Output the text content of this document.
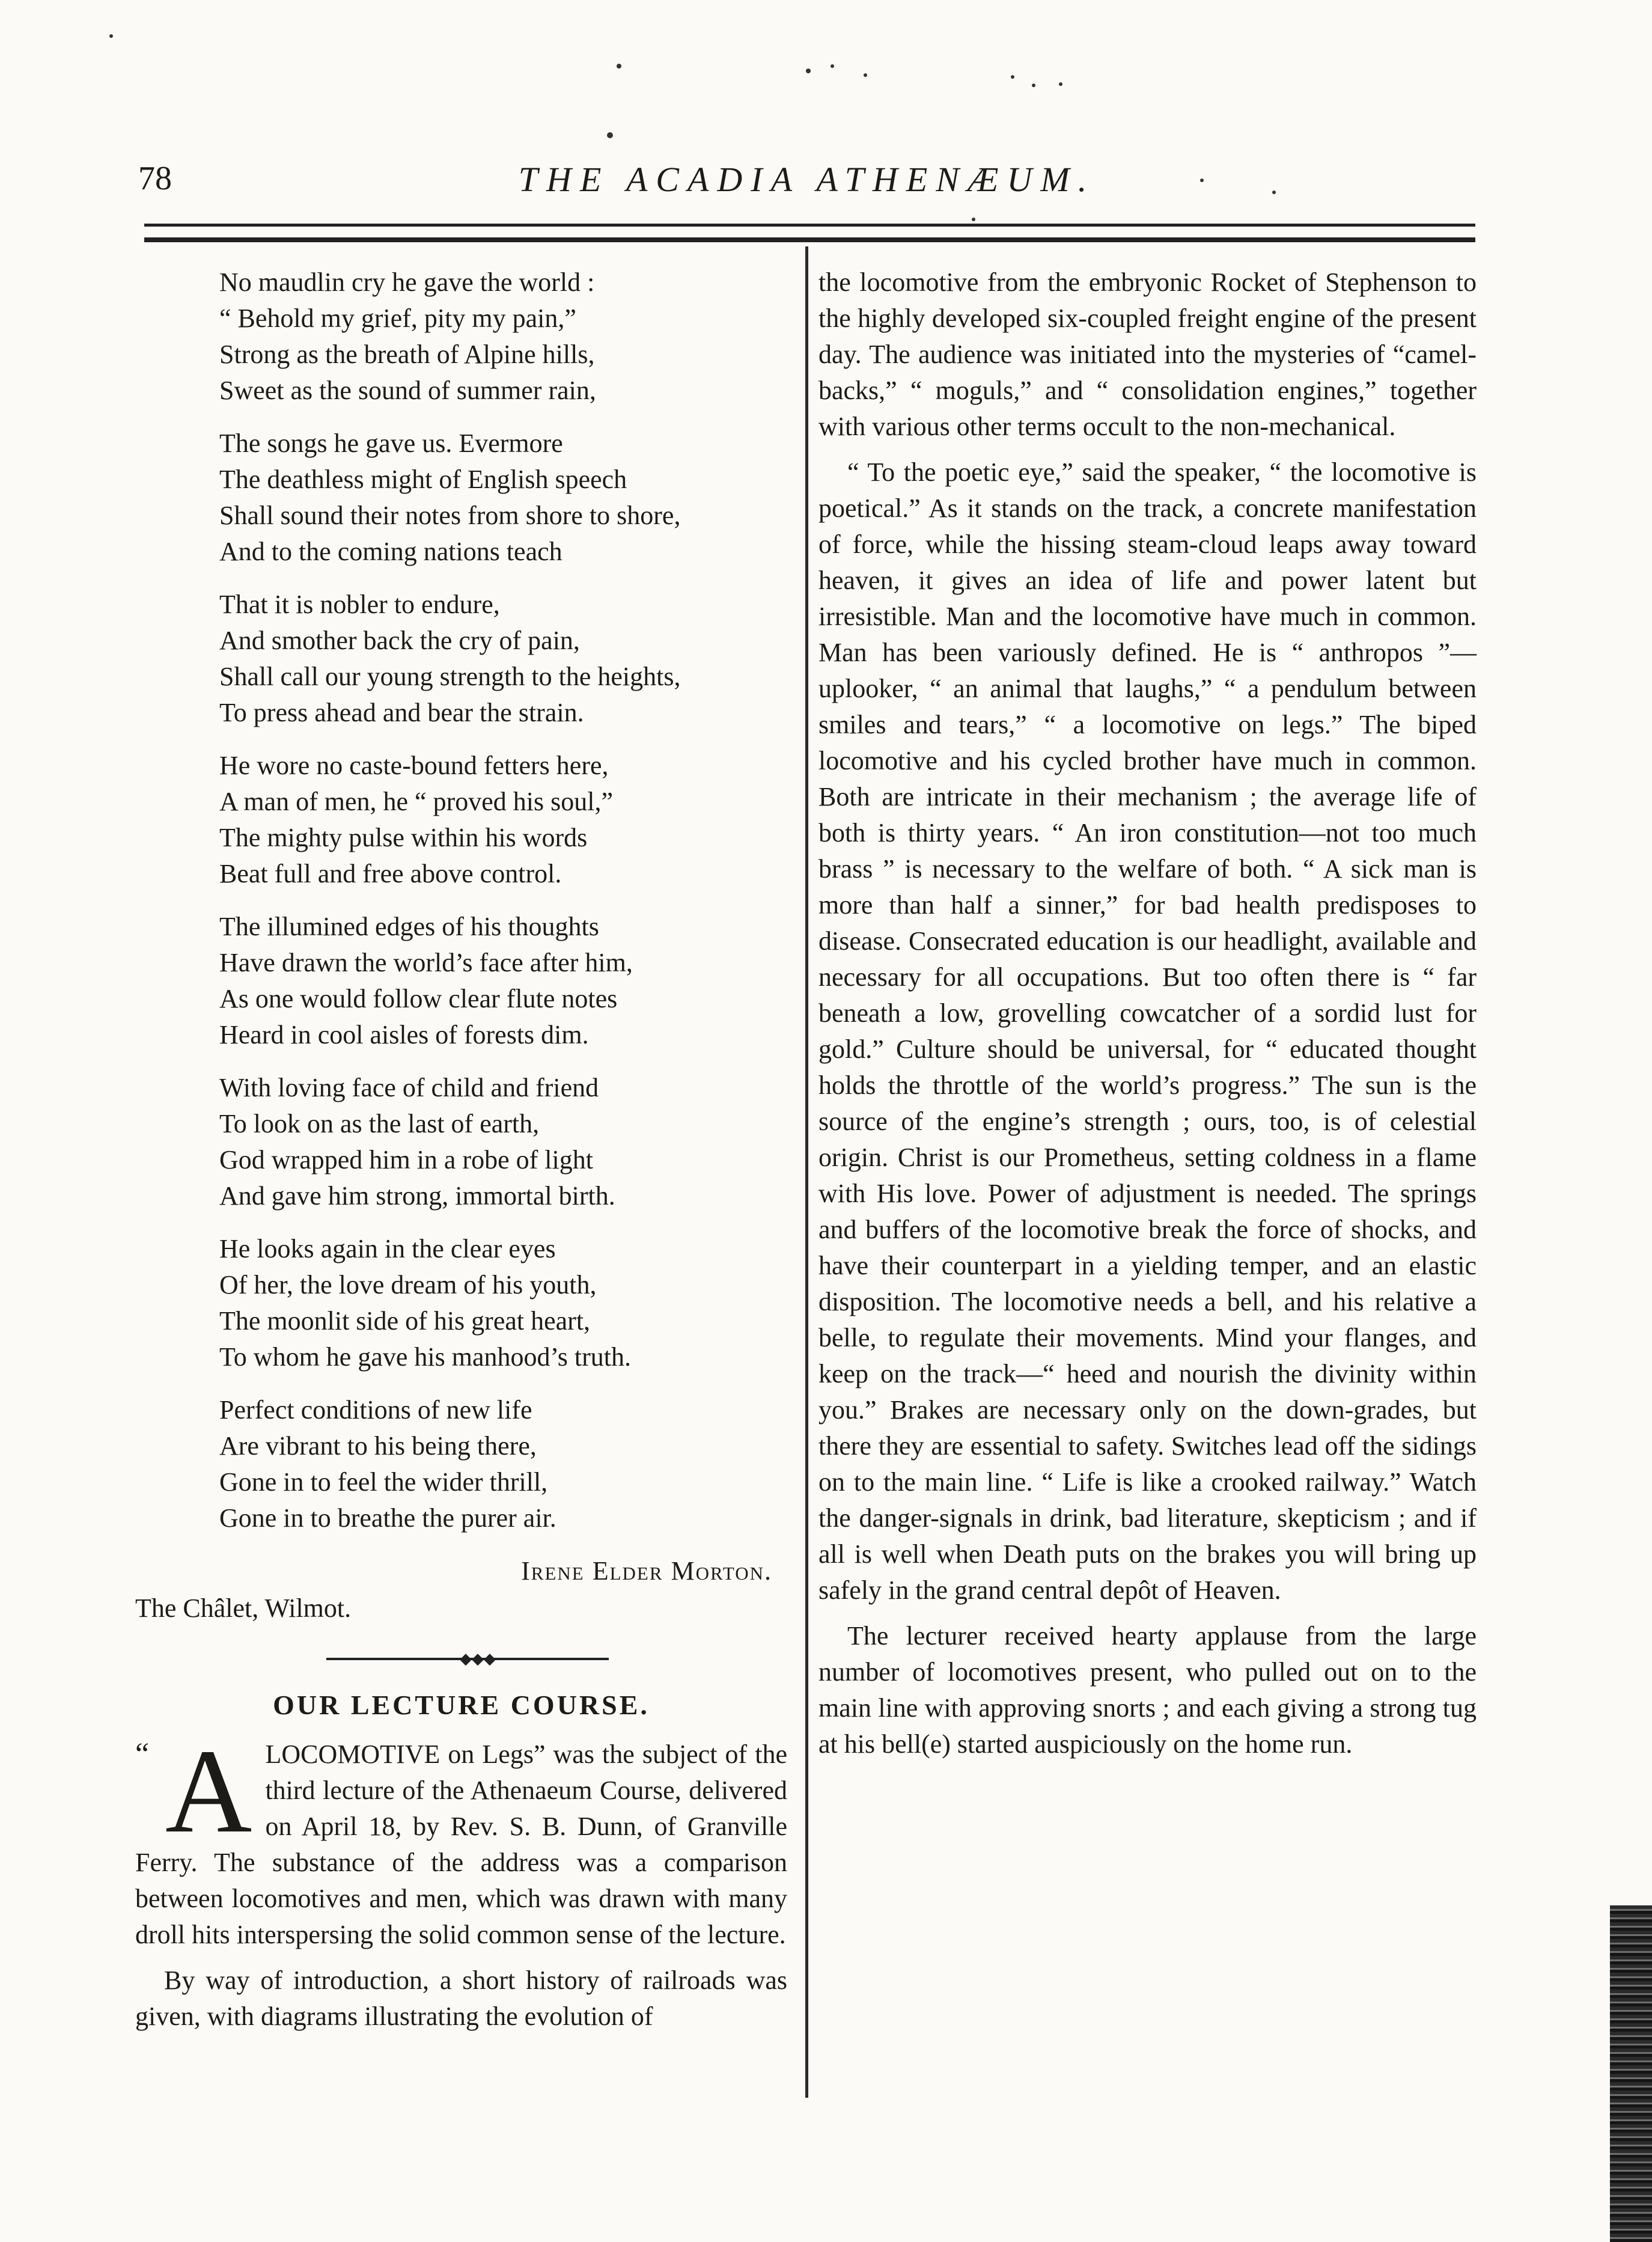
78	THE ACADIA ATHENÆUM.
No maudlin cry he gave the world :
“ Behold my grief, pity my pain,”
Strong as the breath of Alpine hills,
Sweet as the sound of summer rain,
The songs he gave us. Evermore
The deathless might of English speech
Shall sound their notes from shore to shore,
And to the coming nations teach
That it is nobler to endure,
And smother back the cry of pain,
Shall call our young strength to the heights,
To press ahead and bear the strain.
He wore no caste-bound fetters here,
A man of men, he “ proved his soul,”
The mighty pulse within his words
Beat full and free above control.
The illumined edges of his thoughts
Have drawn the world’s face after him,
As one would follow clear flute notes
Heard in cool aisles of forests dim.
With loving face of child and friend
To look on as the last of earth,
God wrapped him in a robe of light
And gave him strong, immortal birth.
He looks again in the clear eyes
Of her, the love dream of his youth,
The moonlit side of his great heart,
To whom he gave his manhood’s truth.
Perfect conditions of new life
Are vibrant to his being there,
Gone in to feel the wider thrill,
Gone in to breathe the purer air.
Irene Elder Morton.
The Châlet, Wilmot.
◆◆◆
OUR LECTURE COURSE.
“ A LOCOMOTIVE on Legs” was the subject of the third lecture of the Athenaeum Course, delivered on April 18, by Rev. S. B. Dunn, of Granville Ferry. The substance of the address was a comparison between locomotives and men, which was drawn with many droll hits interspersing the solid common sense of the lecture.

By way of introduction, a short history of railroads was given, with diagrams illustrating the evolution of

the locomotive from the embryonic Rocket of Stephenson to the highly developed six-coupled freight engine of the present day. The audience was initiated into the mysteries of “camel-backs,” “ moguls,” and “ consolidation engines,” together with various other terms occult to the non-mechanical.

“ To the poetic eye,” said the speaker, “ the locomotive is poetical.” As it stands on the track, a concrete manifestation of force, while the hissing steam-cloud leaps away toward heaven, it gives an idea of life and power latent but irresistible. Man and the locomotive have much in common. Man has been variously defined. He is “ anthropos ”—uplooker, “ an animal that laughs,” “ a pendulum between smiles and tears,” “ a locomotive on legs.” The biped locomotive and his cycled brother have much in common. Both are intricate in their mechanism ; the average life of both is thirty years. “ An iron constitution—not too much brass ” is necessary to the welfare of both. “ A sick man is more than half a sinner,” for bad health predisposes to disease. Consecrated education is our headlight, available and necessary for all occupations. But too often there is “ far beneath a low, grovelling cowcatcher of a sordid lust for gold.” Culture should be universal, for “ educated thought holds the throttle of the world’s progress.” The sun is the source of the engine’s strength ; ours, too, is of celestial origin. Christ is our Prometheus, setting coldness in a flame with His love. Power of adjustment is needed. The springs and buffers of the locomotive break the force of shocks, and have their counterpart in a yielding temper, and an elastic disposition. The locomotive needs a bell, and his relative a belle, to regulate their movements. Mind your flanges, and keep on the track—“ heed and nourish the divinity within you.” Brakes are necessary only on the down-grades, but there they are essential to safety. Switches lead off the sidings on to the main line. “ Life is like a crooked railway.” Watch the danger-signals in drink, bad literature, skepticism ; and if all is well when Death puts on the brakes you will bring up safely in the grand central depôt of Heaven.

The lecturer received hearty applause from the large number of locomotives present, who pulled out on to the main line with approving snorts ; and each giving a strong tug at his bell(e) started auspiciously on the home run.
